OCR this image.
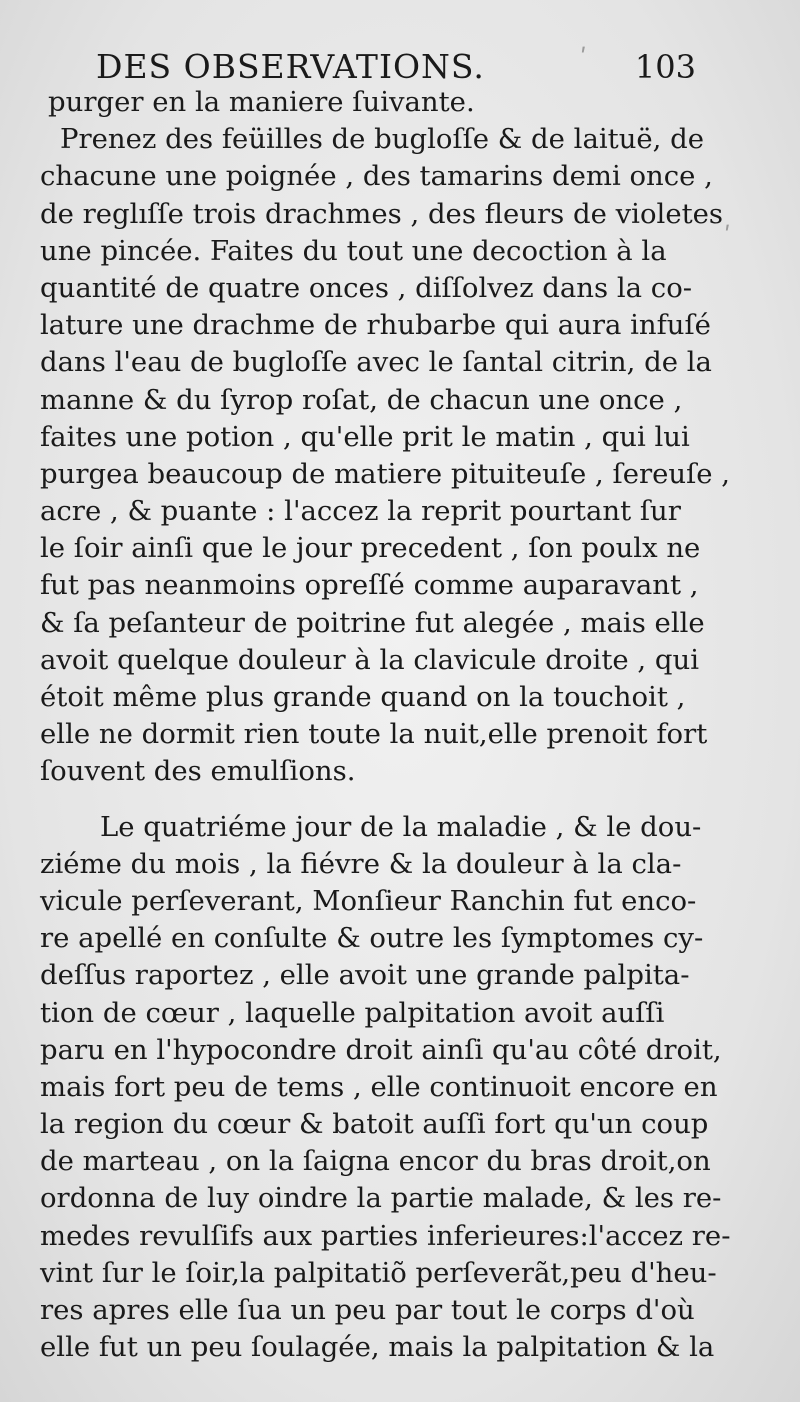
DES OBSERVATIONS.	103
purger en la maniere ſuivante.
Prenez des feüilles de bugloſſe & de laituë, de
chacune une poignée , des tamarins demi once ,
de reglıſſe trois drachmes , des fleurs de violetes
une pincée. Faites du tout une decoction à la
quantité de quatre onces , diſſolvez dans la co-
lature une drachme de rhubarbe qui aura infuſé
dans l'eau de bugloſſe avec le ſantal citrin, de la
manne & du ſyrop roſat, de chacun une once ,
faites une potion , qu'elle prit le matin , qui lui
purgea beaucoup de matiere pituiteuſe , ſereuſe ,
acre , & puante : l'accez la reprit pourtant ſur
le ſoir ainſi que le jour precedent , ſon poulx ne
fut pas neanmoins opreſſé comme auparavant ,
& ſa peſanteur de poitrine fut alegée , mais elle
avoit quelque douleur à la clavicule droite , qui
étoit même plus grande quand on la touchoit ,
elle ne dormit rien toute la nuit,elle prenoit fort
ſouvent des emulſions.
Le quatriéme jour de la maladie , & le dou-
ziéme du mois , la fiévre & la douleur à la cla-
vicule perſeverant, Monſieur Ranchin fut enco-
re apellé en conſulte & outre les ſymptomes cy-
deſſus raportez , elle avoit une grande palpita-
tion de cœur , laquelle palpitation avoit auſſi
paru en l'hypocondre droit ainſi qu'au côté droit,
mais fort peu de tems , elle continuoit encore en
la region du cœur & batoit auſſi fort qu'un coup
de marteau , on la ſaigna encor du bras droit,on
ordonna de luy oindre la partie malade, & les re-
medes revulſifs aux parties inferieures:l'accez re-
vint ſur le ſoir,la palpitatiõ perſeverãt,peu d'heu-
res apres elle ſua un peu par tout le corps d'où
elle fut un peu ſoulagée, mais la palpitation & la
ʹ
ʹ
